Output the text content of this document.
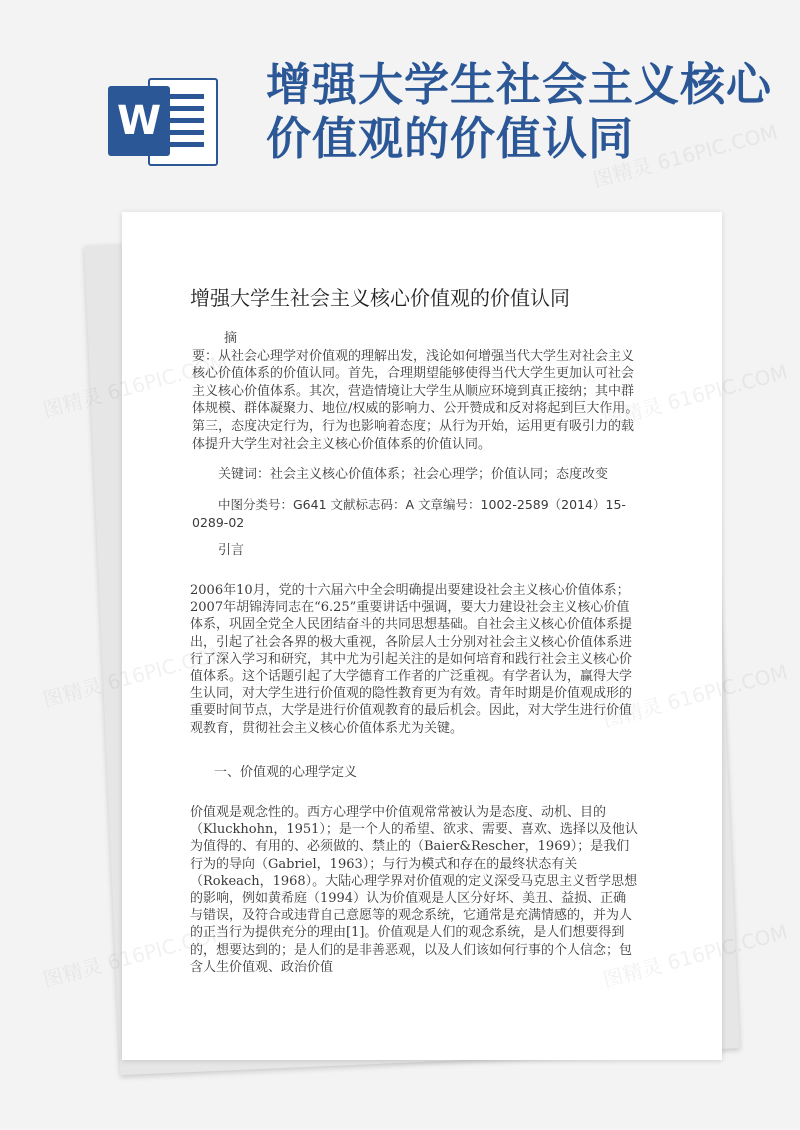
W
增强大学生社会主义核心价值观的价值认同
增强大学生社会主义核心价值观的价值认同
摘
要：从社会心理学对价值观的理解出发，浅论如何增强当代大学生对社会主义核心价值体系的价值认同。首先，合理期望能够使得当代大学生更加认可社会主义核心价值体系。其次，营造情境让大学生从顺应环境到真正接纳；其中群体规模、群体凝聚力、地位/权威的影响力、公开赞成和反对将起到巨大作用。第三，态度决定行为，行为也影响着态度；从行为开始，运用更有吸引力的载体提升大学生对社会主义核心价值体系的价值认同。
关键词：社会主义核心价值体系；社会心理学；价值认同；态度改变
中图分类号：G641 文献标志码：A 文章编号：1002-2589（2014）15-0289-02
引言
2006年10月，党的十六届六中全会明确提出要建设社会主义核心价值体系；2007年胡锦涛同志在“6.25”重要讲话中强调，要大力建设社会主义核心价值体系，巩固全党全人民团结奋斗的共同思想基础。自社会主义核心价值体系提出，引起了社会各界的极大重视，各阶层人士分别对社会主义核心价值体系进行了深入学习和研究，其中尤为引起关注的是如何培育和践行社会主义核心价值体系。这个话题引起了大学德育工作者的广泛重视。有学者认为，赢得大学生认同，对大学生进行价值观的隐性教育更为有效。青年时期是价值观成形的重要时间节点，大学是进行价值观教育的最后机会。因此，对大学生进行价值观教育，贯彻社会主义核心价值体系尤为关键。
一、价值观的心理学定义
价值观是观念性的。西方心理学中价值观常常被认为是态度、动机、目的（Kluckhohn，1951）；是一个人的希望、欲求、需要、喜欢、选择以及他认为值得的、有用的、必须做的、禁止的（Baier&Rescher，1969）；是我们行为的导向（Gabriel，1963）；与行为模式和存在的最终状态有关（Rokeach，1968）。大陆心理学界对价值观的定义深受马克思主义哲学思想的影响，例如黄希庭（1994）认为价值观是人区分好坏、美丑、益损、正确与错误，及符合或违背自己意愿等的观念系统，它通常是充满情感的，并为人的正当行为提供充分的理由[1]。价值观是人们的观念系统，是人们想要得到的，想要达到的；是人们的是非善恶观，以及人们该如何行事的个人信念；包含人生价值观、政治价值
图精灵 616PIC.COM
图精灵 616PIC.COM
图精灵 616PIC.COM
图精灵 616PIC.COM
图精灵 616PIC.COM
图精灵 616PIC.COM
图精灵 616PIC.COM
